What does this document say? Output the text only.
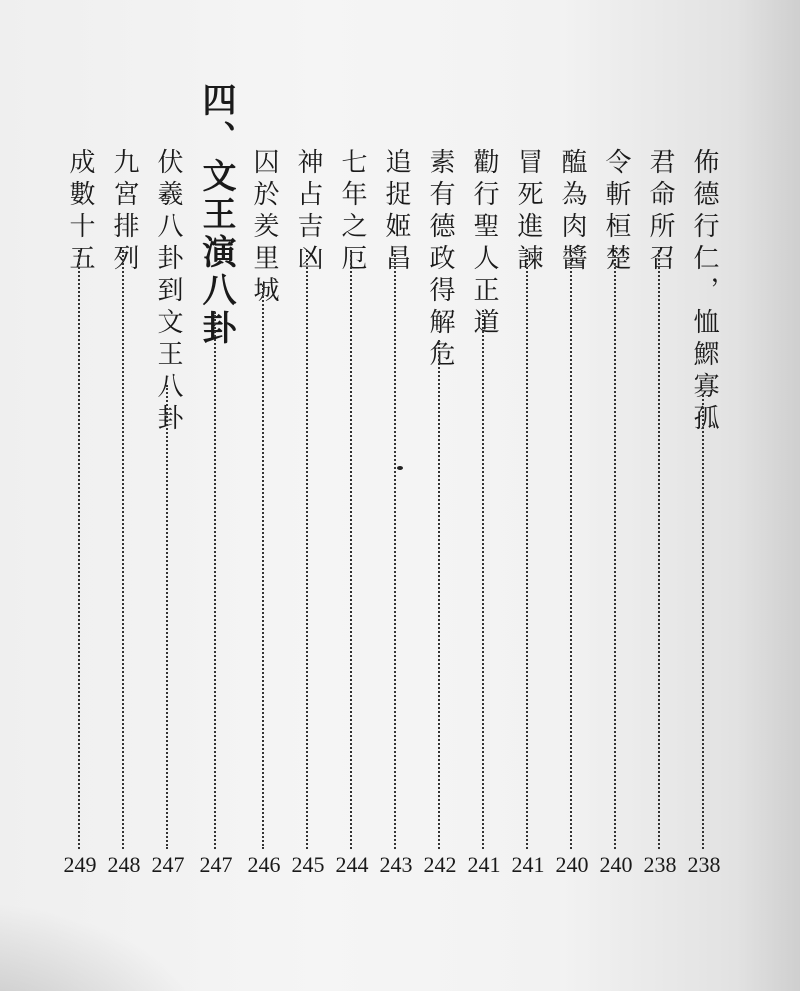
佈德行仁，恤鰥寡孤
238
君命所召
238
令斬桓楚
240
醢為肉醬
240
冒死進諫
241
勸行聖人正道
241
素有德政得解危
242
追捉姬昌
243
七年之厄
244
神占吉凶
245
囚於羑里城
246
四、文王演八卦
247
伏羲八卦到文王八卦
247
九宮排列
248
成數十五
249
